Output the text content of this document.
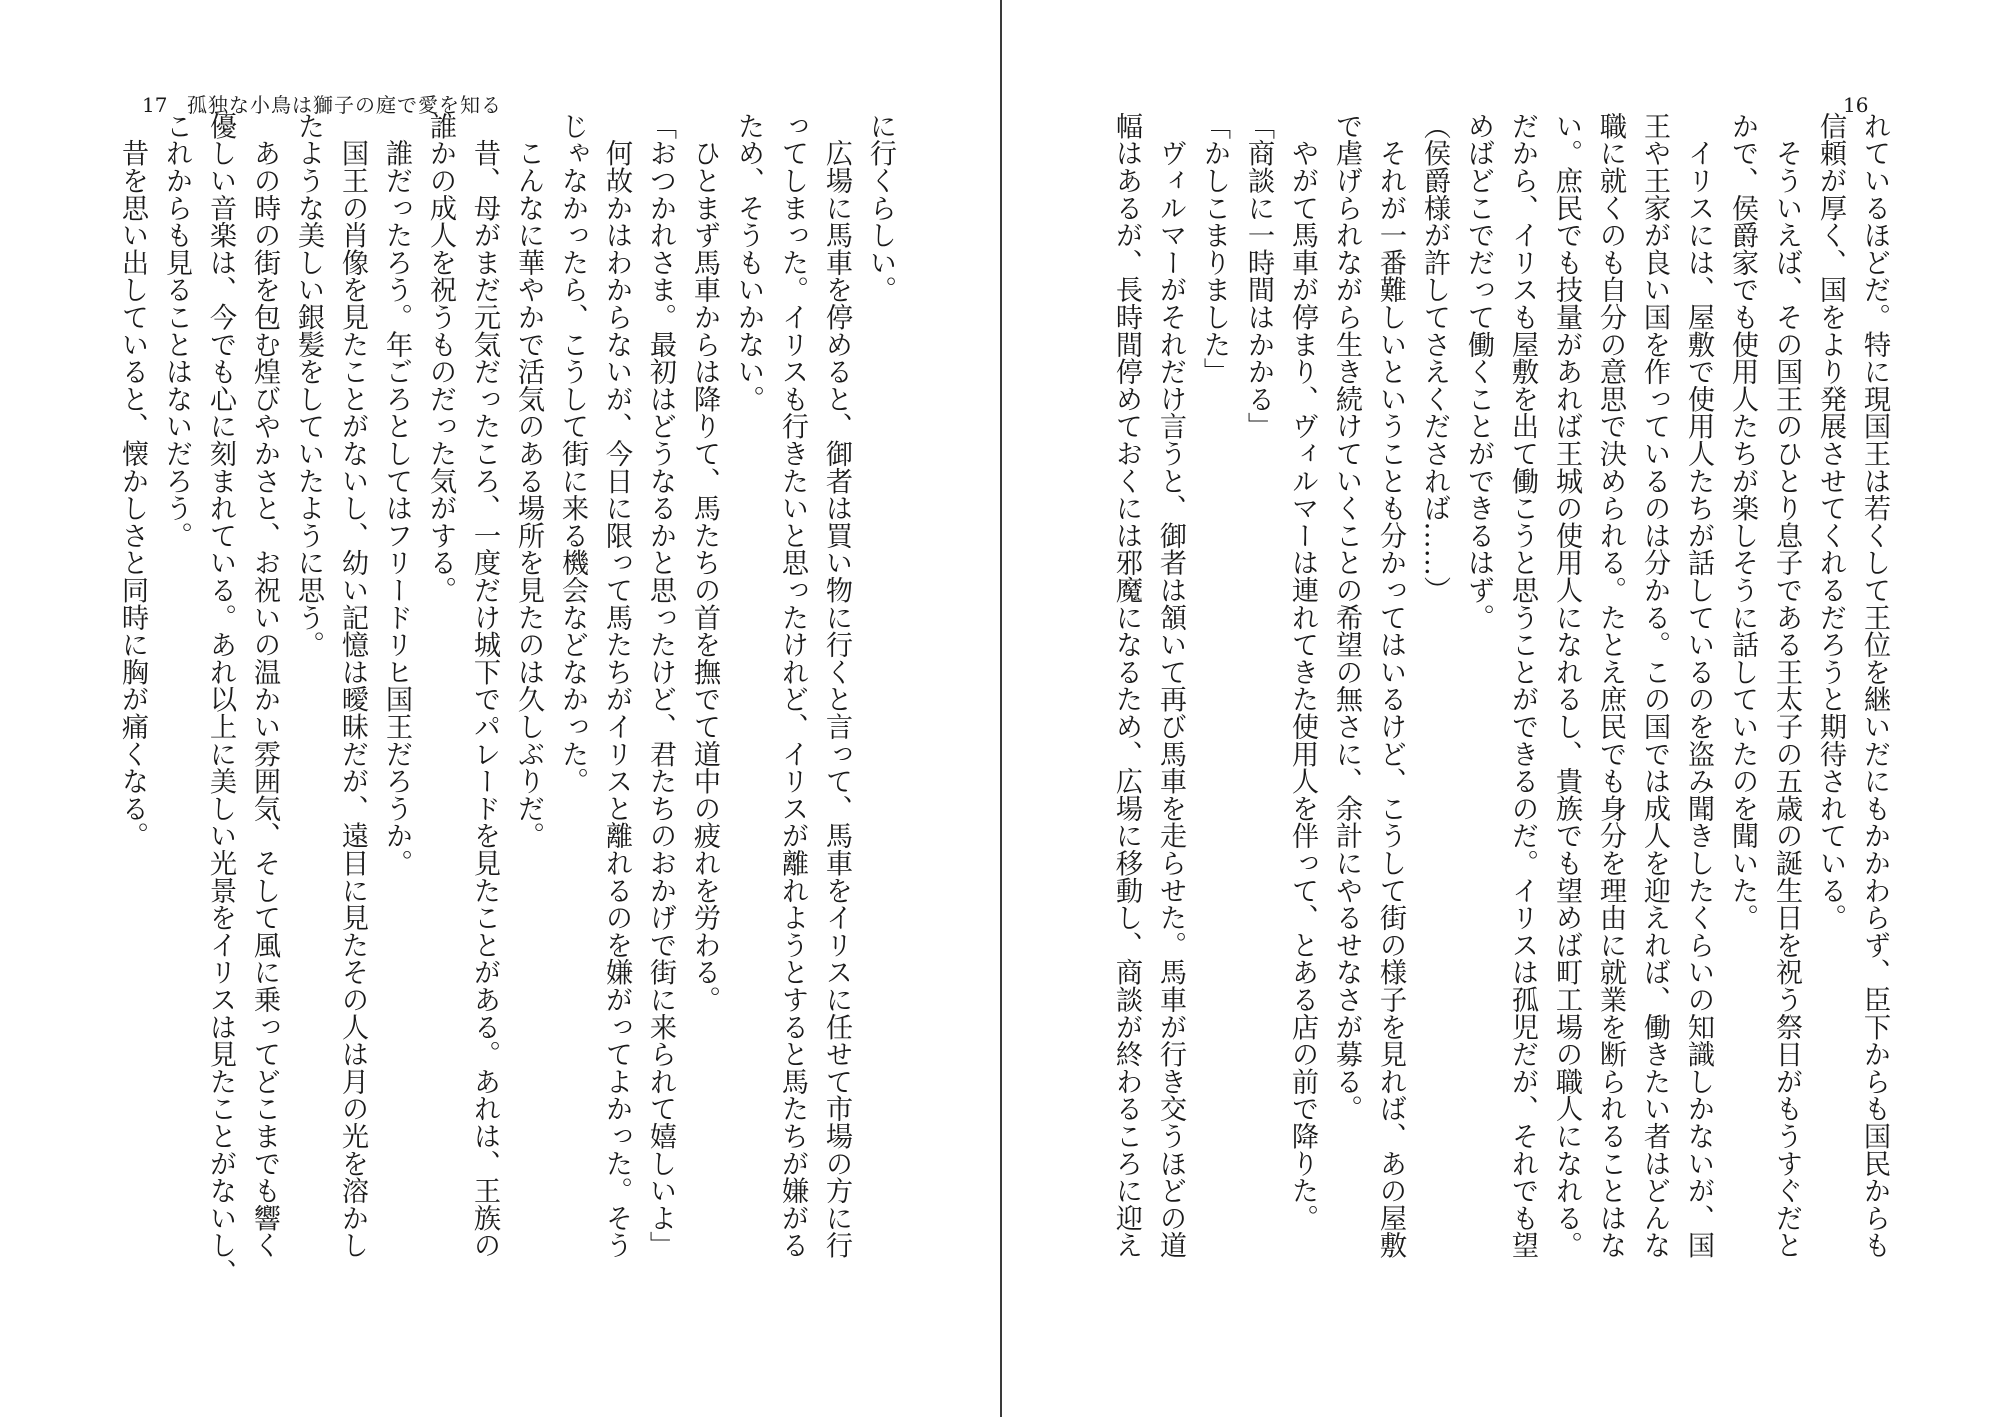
17 孤独な小鳥は獅子の庭で愛を知る

に行くらしい。

　広場に馬車を停めると、御者は買い物に行くと言って、馬車をイリスに任せて市場の方に行

ってしまった。イリスも行きたいと思ったけれど、イリスが離れようとすると馬たちが嫌がる

ため、そうもいかない。

　ひとまず馬車からは降りて、馬たちの首を撫でて道中の疲れを労わる。

「おつかれさま。最初はどうなるかと思ったけど、君たちのおかげで街に来られて嬉しいよ」

　何故かはわからないが、今日に限って馬たちがイリスと離れるのを嫌がってよかった。そう

じゃなかったら、こうして街に来る機会などなかった。

　こんなに華やかで活気のある場所を見たのは久しぶりだ。

　昔、母がまだ元気だったころ、一度だけ城下でパレードを見たことがある。あれは、王族の

誰かの成人を祝うものだった気がする。

　誰だったろう。年ごろとしてはフリードリヒ国王だろうか。

　国王の肖像を見たことがないし、幼い記憶は曖昧だが、遠目に見たその人は月の光を溶かし

たような美しい銀髪をしていたように思う。

　あの時の街を包む煌びやかさと、お祝いの温かい雰囲気、そして風に乗ってどこまでも響く

優しい音楽は、今でも心に刻まれている。あれ以上に美しい光景をイリスは見たことがないし、

これからも見ることはないだろう。

　昔を思い出していると、懐かしさと同時に胸が痛くなる。

16

れているほどだ。特に現国王は若くして王位を継いだにもかかわらず、臣下からも国民からも

信頼が厚く、国をより発展させてくれるだろうと期待されている。

　そういえば、その国王のひとり息子である王太子の五歳の誕生日を祝う祭日がもうすぐだと

かで、侯爵家でも使用人たちが楽しそうに話していたのを聞いた。

　イリスには、屋敷で使用人たちが話しているのを盗み聞きしたくらいの知識しかないが、国

王や王家が良い国を作っているのは分かる。この国では成人を迎えれば、働きたい者はどんな

職に就くのも自分の意思で決められる。たとえ庶民でも身分を理由に就業を断られることはな

い。庶民でも技量があれば王城の使用人になれるし、貴族でも望めば町工場の職人になれる。

だから、イリスも屋敷を出て働こうと思うことができるのだ。イリスは孤児だが、それでも望

めばどこでだって働くことができるはず。

（侯爵様が許してさえくだされば……）

　それが一番難しいということも分かってはいるけど、こうして街の様子を見れば、あの屋敷

で虐げられながら生き続けていくことの希望の無さに、余計にやるせなさが募る。

　やがて馬車が停まり、ヴィルマーは連れてきた使用人を伴って、とある店の前で降りた。

「商談に一時間はかかる」

「かしこまりました」

　ヴィルマーがそれだけ言うと、御者は頷いて再び馬車を走らせた。馬車が行き交うほどの道

幅はあるが、長時間停めておくには邪魔になるため、広場に移動し、商談が終わるころに迎え
